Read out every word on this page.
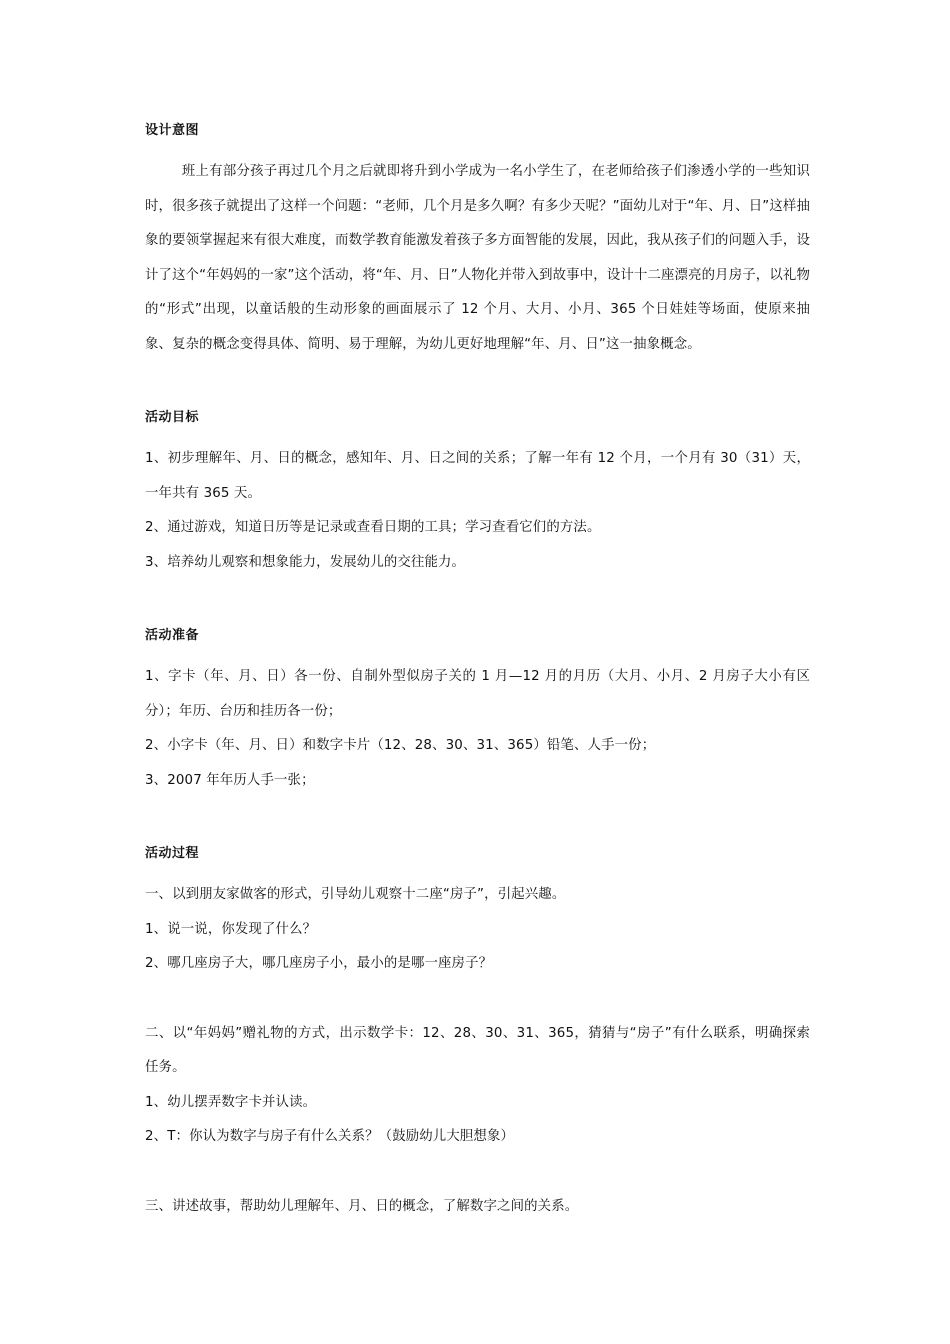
设计意图

班上有部分孩子再过几个月之后就即将升到小学成为一名小学生了，在老师给孩子们渗透小学的一些知识时，很多孩子就提出了这样一个问题：“老师，几个月是多久啊？有多少天呢？”面幼儿对于“年、月、日”这样抽象的要领掌握起来有很大难度，而数学教育能激发着孩子多方面智能的发展，因此，我从孩子们的问题入手，设计了这个“年妈妈的一家”这个活动，将“年、月、日”人物化并带入到故事中，设计十二座漂亮的月房子，以礼物的“形式”出现，以童话般的生动形象的画面展示了 12 个月、大月、小月、365 个日娃娃等场面，使原来抽象、复杂的概念变得具体、简明、易于理解，为幼儿更好地理解“年、月、日”这一抽象概念。

活动目标

1、初步理解年、月、日的概念，感知年、月、日之间的关系；了解一年有 12 个月，一个月有 30（31）天，一年共有 365 天。

2、通过游戏，知道日历等是记录或查看日期的工具；学习查看它们的方法。

3、培养幼儿观察和想象能力，发展幼儿的交往能力。

活动准备

1、字卡（年、月、日）各一份、自制外型似房子关的 1 月—12 月的月历（大月、小月、2 月房子大小有区分）；年历、台历和挂历各一份；

2、小字卡（年、月、日）和数字卡片（12、28、30、31、365）铅笔、人手一份；

3、2007 年年历人手一张；

活动过程

一、以到朋友家做客的形式，引导幼儿观察十二座“房子”，引起兴趣。

1、说一说，你发现了什么？

2、哪几座房子大，哪几座房子小，最小的是哪一座房子？

二、以“年妈妈”赠礼物的方式，出示数学卡：12、28、30、31、365，猜猜与“房子”有什么联系，明确探索任务。

1、幼儿摆弄数字卡并认读。

2、T：你认为数字与房子有什么关系？（鼓励幼儿大胆想象）

三、讲述故事，帮助幼儿理解年、月、日的概念，了解数字之间的关系。
